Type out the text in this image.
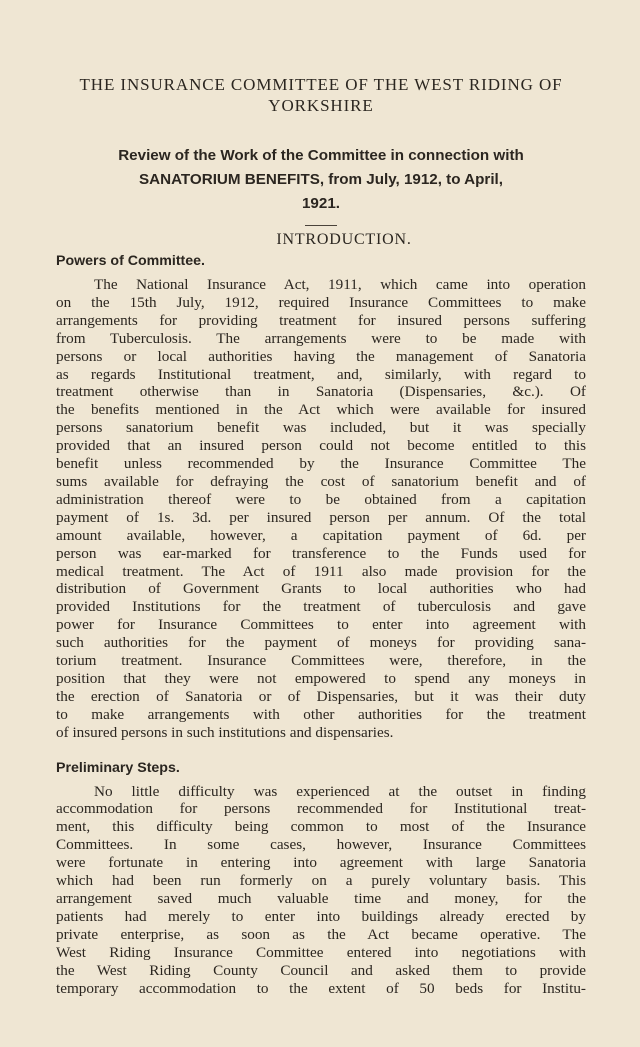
THE INSURANCE COMMITTEE OF THE WEST RIDING OF
YORKSHIRE
Review of the Work of the Committee in connection with
SANATORIUM BENEFITS, from July, 1912, to April,
1921.
INTRODUCTION.
Powers of Committee.
The National Insurance Act, 1911, which came into operation
on the 15th July, 1912, required Insurance Committees to make
arrangements for providing treatment for insured persons suffering
from Tuberculosis. The arrangements were to be made with
persons or local authorities having the management of Sanatoria
as regards Institutional treatment, and, similarly, with regard to
treatment otherwise than in Sanatoria (Dispensaries, &c.). Of
the benefits mentioned in the Act which were available for insured
persons sanatorium benefit was included, but it was specially
provided that an insured person could not become entitled to this
benefit unless recommended by the Insurance Committee The
sums available for defraying the cost of sanatorium benefit and of
administration thereof were to be obtained from a capitation
payment of 1s. 3d. per insured person per annum. Of the total
amount available, however, a capitation payment of 6d. per
person was ear-marked for transference to the Funds used for
medical treatment. The Act of 1911 also made provision for the
distribution of Government Grants to local authorities who had
provided Institutions for the treatment of tuberculosis and gave
power for Insurance Committees to enter into agreement with
such authorities for the payment of moneys for providing sana-
torium treatment. Insurance Committees were, therefore, in the
position that they were not empowered to spend any moneys in
the erection of Sanatoria or of Dispensaries, but it was their duty
to make arrangements with other authorities for the treatment
of insured persons in such institutions and dispensaries.
Preliminary Steps.
No little difficulty was experienced at the outset in finding
accommodation for persons recommended for Institutional treat-
ment, this difficulty being common to most of the Insurance
Committees. In some cases, however, Insurance Committees
were fortunate in entering into agreement with large Sanatoria
which had been run formerly on a purely voluntary basis. This
arrangement saved much valuable time and money, for the
patients had merely to enter into buildings already erected by
private enterprise, as soon as the Act became operative. The
West Riding Insurance Committee entered into negotiations with
the West Riding County Council and asked them to provide
temporary accommodation to the extent of 50 beds for Institu-
